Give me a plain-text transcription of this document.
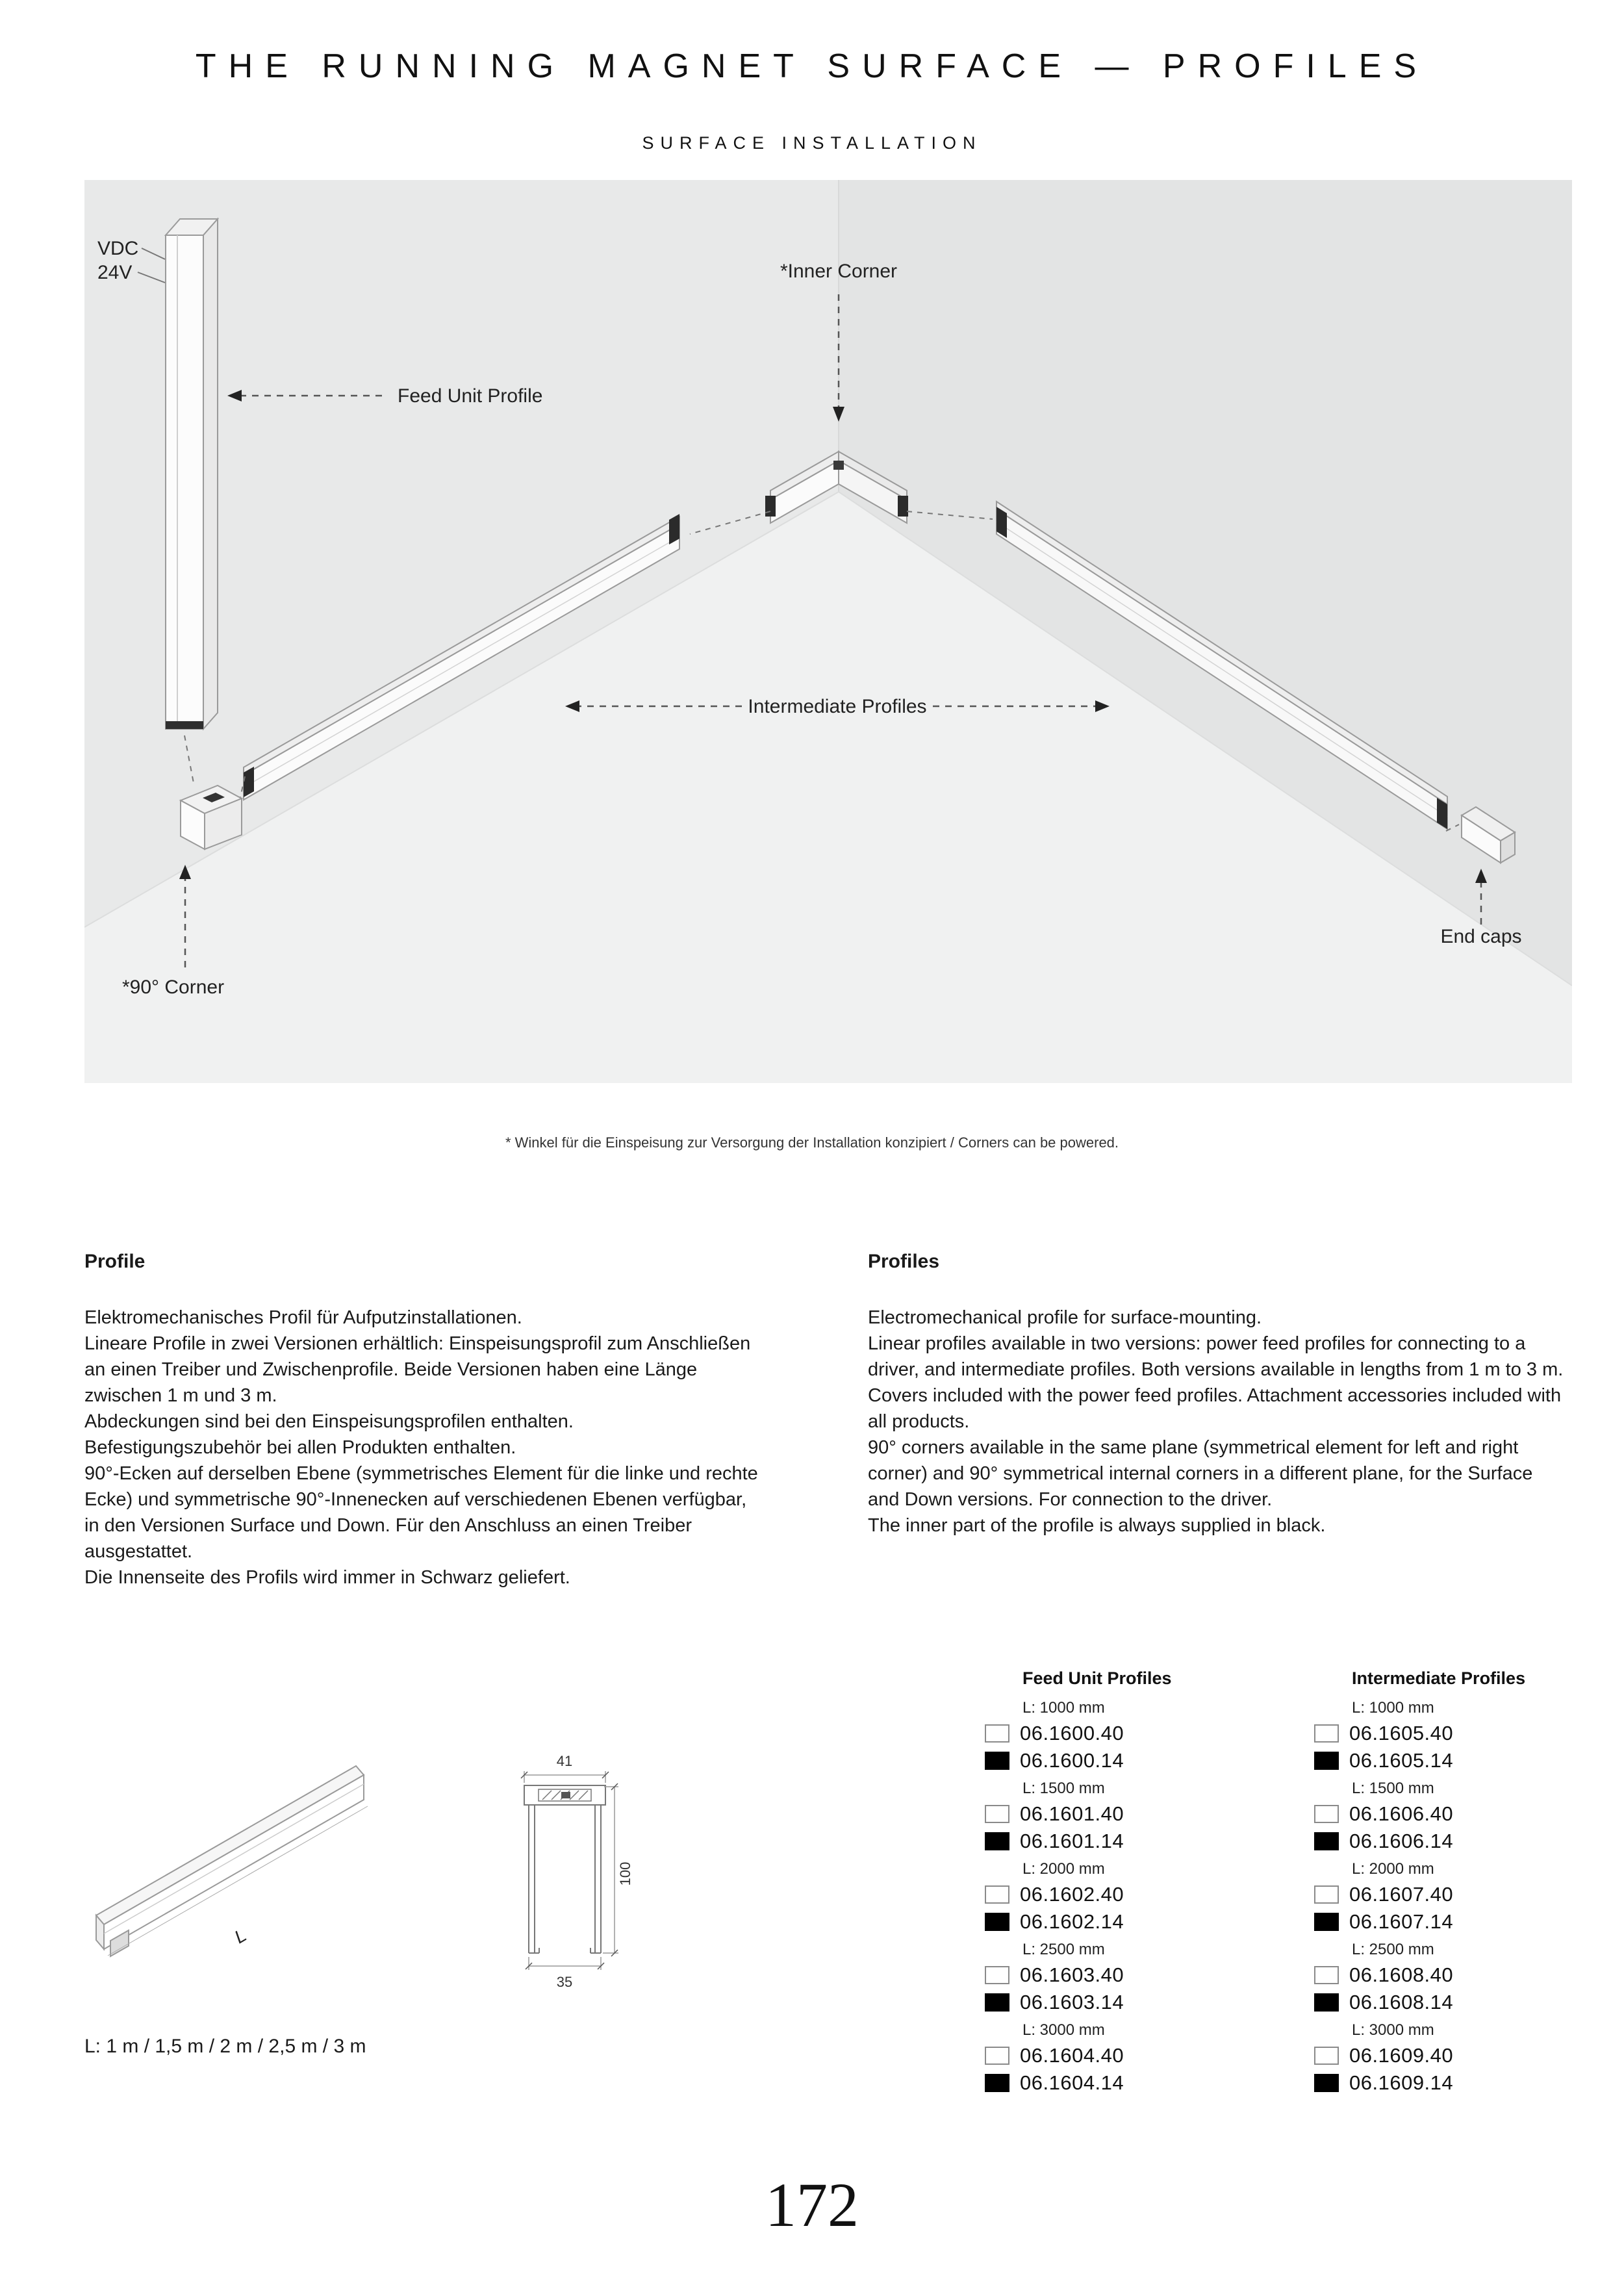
THE RUNNING MAGNET SURFACE — PROFILES
SURFACE INSTALLATION
VDC
24V
Feed Unit Profile
*Inner Corner
Intermediate Profiles
*90° Corner
End caps
* Winkel für die Einspeisung zur Versorgung der Installation konzipiert / Corners can be powered.
Profile
Elektromechanisches Profil für Aufputzinstallationen.
Lineare Profile in zwei Versionen erhältlich: Einspeisungsprofil zum Anschließen an einen Treiber und Zwischenprofile. Beide Versionen haben eine Länge zwischen 1 m und 3 m.
Abdeckungen sind bei den Einspeisungsprofilen enthalten.
Befestigungszubehör bei allen Produkten enthalten.
90°-Ecken auf derselben Ebene (symmetrisches Element für die linke und rechte Ecke) und symmetrische 90°-Innenecken auf verschiedenen Ebenen verfügbar, in den Versionen Surface und Down. Für den Anschluss an einen Treiber ausgestattet.
Die Innenseite des Profils wird immer in Schwarz geliefert.
Profiles
Electromechanical profile for surface-mounting.
Linear profiles available in two versions: power feed profiles for connecting to a driver, and intermediate profiles. Both versions available in lengths from 1 m to 3 m.
Covers included with the power feed profiles. Attachment accessories included with all products.
90° corners available in the same plane (symmetrical element for left and right corner) and 90° symmetrical internal corners in a different plane, for the Surface and Down versions. For connection to the driver.
The inner part of the profile is always supplied in black.
L
41
100
35
L: 1 m / 1,5 m / 2 m / 2,5 m / 3 m
Feed Unit Profiles
L: 1000 mm
06.1600.40
06.1600.14
L: 1500 mm
06.1601.40
06.1601.14
L: 2000 mm
06.1602.40
06.1602.14
L: 2500 mm
06.1603.40
06.1603.14
L: 3000 mm
06.1604.40
06.1604.14
Intermediate Profiles
L: 1000 mm
06.1605.40
06.1605.14
L: 1500 mm
06.1606.40
06.1606.14
L: 2000 mm
06.1607.40
06.1607.14
L: 2500 mm
06.1608.40
06.1608.14
L: 3000 mm
06.1609.40
06.1609.14
172
